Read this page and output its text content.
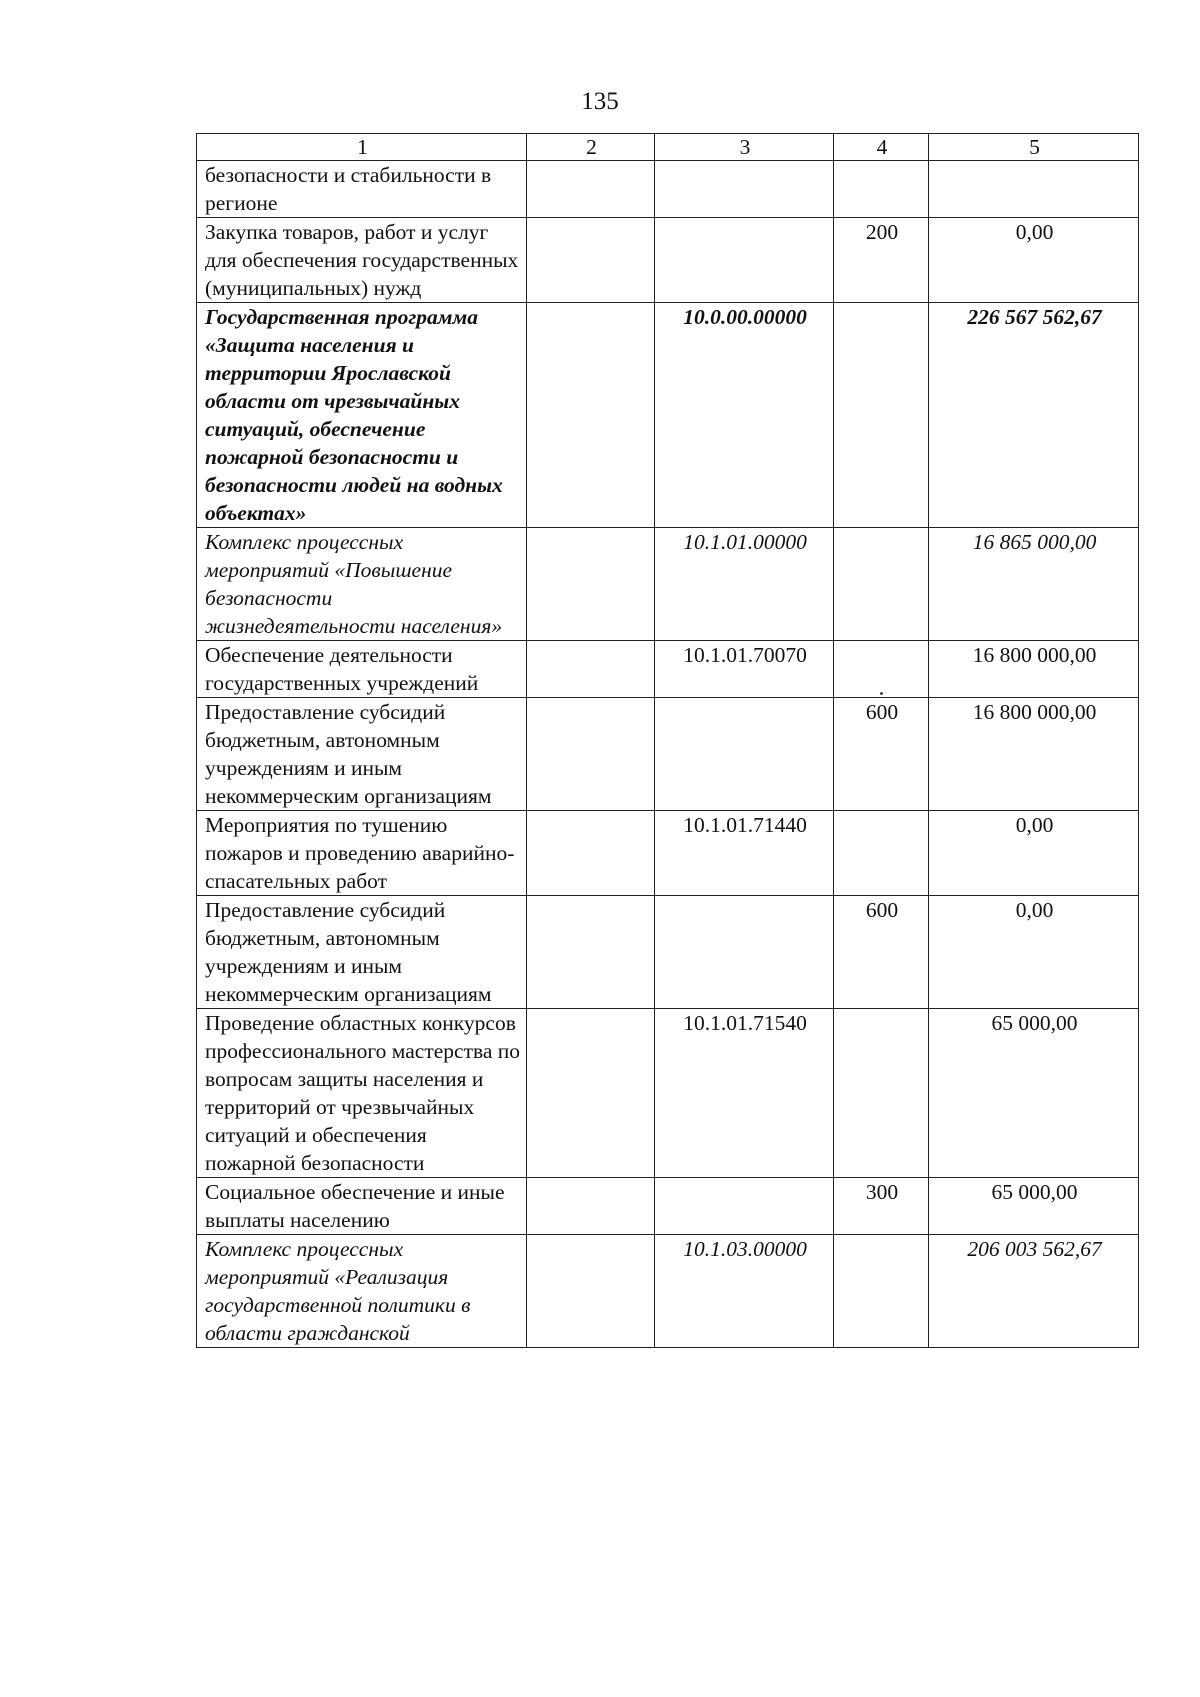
135
1	2	3	4	5
безопасности и стабильности в регионе				
Закупка товаров, работ и услуг для обеспечения государственных (муниципальных) нужд			200	0,00
Государственная программа «Защита населения и территории Ярославской области от чрезвычайных ситуаций, обеспечение пожарной безопасности и безопасности людей на водных объектах»		10.0.00.00000		226 567 562,67
Комплекс процессных мероприятий «Повышение безопасности жизнедеятельности населения»		10.1.01.00000		16 865 000,00
Обеспечение деятельности государственных учреждений		10.1.01.70070		16 800 000,00
Предоставление субсидий бюджетным, автономным учреждениям и иным некоммерческим организациям			600	16 800 000,00
Мероприятия по тушению пожаров и проведению аварийно-спасательных работ		10.1.01.71440		0,00
Предоставление субсидий бюджетным, автономным учреждениям и иным некоммерческим организациям			600	0,00
Проведение областных конкурсов профессионального мастерства по вопросам защиты населения и территорий от чрезвычайных ситуаций и обеспечения пожарной безопасности		10.1.01.71540		65 000,00
Социальное обеспечение и иные выплаты населению			300	65 000,00
Комплекс процессных мероприятий «Реализация государственной политики в области гражданской		10.1.03.00000		206 003 562,67
